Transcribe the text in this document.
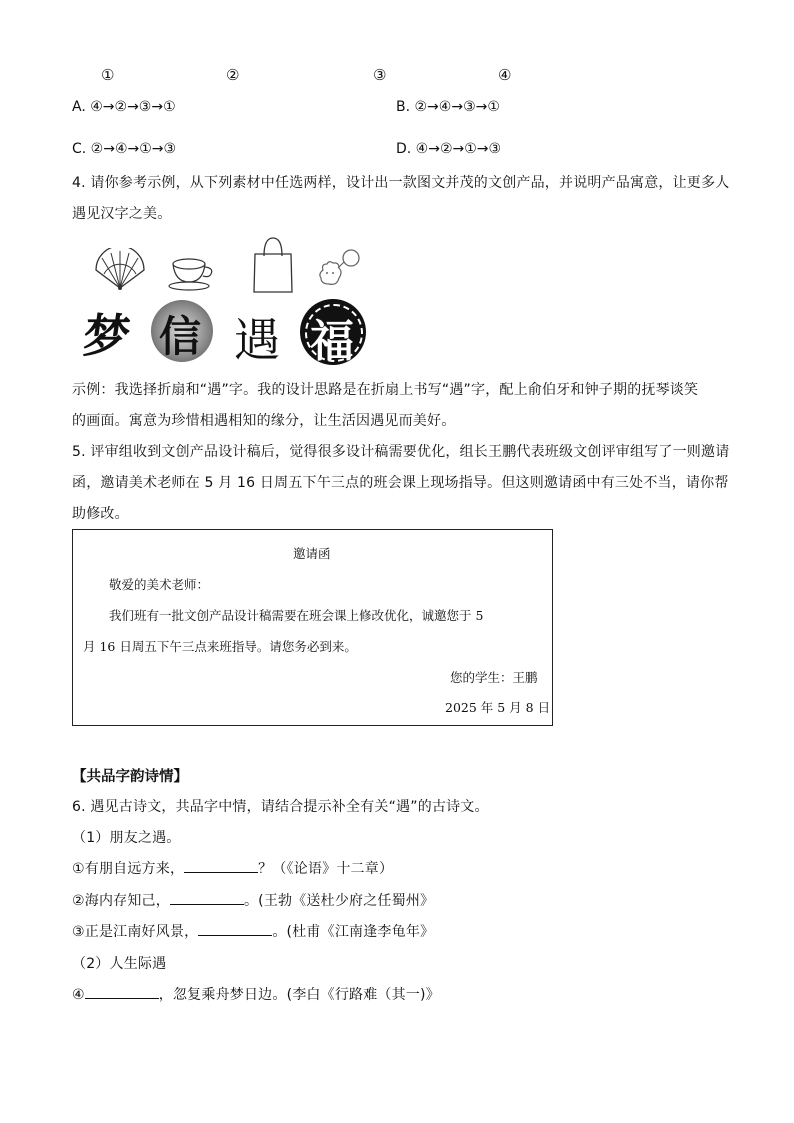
①	②	③	④
A. ④→②→③→①	B. ②→④→③→①
C. ②→④→①→③	D. ④→②→①→③
4. 请你参考示例，从下列素材中任选两样，设计出一款图文并茂的文创产品，并说明产品寓意，让更多人
遇见汉字之美。
梦 信 遇 福
示例：我选择折扇和“遇”字。我的设计思路是在折扇上书写“遇”字，配上俞伯牙和钟子期的抚琴谈笑
的画面。寓意为珍惜相遇相知的缘分，让生活因遇见而美好。
5. 评审组收到文创产品设计稿后，觉得很多设计稿需要优化，组长王鹏代表班级文创评审组写了一则邀请
函，邀请美术老师在 5 月 16 日周五下午三点的班会课上现场指导。但这则邀请函中有三处不当，请你帮
助修改。
邀请函
敬爱的美术老师：
我们班有一批文创产品设计稿需要在班会课上修改优化，诚邀您于 5
月 16 日周五下午三点来班指导。请您务必到来。
您的学生：王鹏
2025 年 5 月 8 日
【共品字韵诗情】
6. 遇见古诗文，共品字中情，请结合提示补全有关“遇”的古诗文。
（1）朋友之遇。
①有朋自远方来，	？（《论语》十二章）
②海内存知己，	。(王勃《送杜少府之任蜀州》
③正是江南好风景，	。(杜甫《江南逢李龟年》
（2）人生际遇
④	，忽复乘舟梦日边。(李白《行路难（其一)》
